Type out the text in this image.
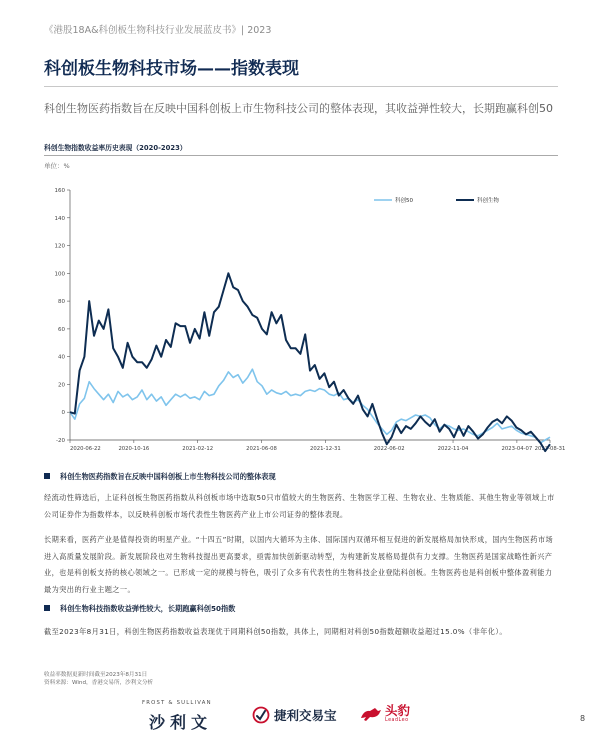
《港股18A&科创板生物科技行业发展蓝皮书》| 2023
科创板生物科技市场——指数表现
科创生物医药指数旨在反映中国科创板上市生物科技公司的整体表现，其收益弹性较大，长期跑赢科创50
科创生物指数收益率历史表现（2020-2023）
单位：%
-20
0
20
40
60
80
100
120
140
160
2020-06-22	2020-10-16	2021-02-12	2021-06-08	2021-12-31	2022-06-02	2022-11-04	2023-04-07 2023-08-31
科创50	科创生物
科创生物医药指数旨在反映中国科创板上市生物科技公司的整体表现

经流动性筛选后，上证科创板生物医药指数从科创板市场中选取50只市值较大的生物医药、生物医学工程、生物农业、生物质能、其他生物业等领域上市公司证券作为指数样本，以反映科创板市场代表性生物医药产业上市公司证券的整体表现。

长期来看，医药产业是值得投资的明星产业。“十四五”时期，以国内大循环为主体、国际国内双循环相互促进的新发展格局加快形成，国内生物医药市场进入高质量发展阶段。新发展阶段也对生物科技提出更高要求，亟需加快创新驱动转型，为构建新发展格局提供有力支撑。生物医药是国家战略性新兴产业，也是科创板支持的核心领域之一。已形成一定的规模与特色，吸引了众多有代表性的生物科技企业登陆科创板。生物医药也是科创板中整体盈利能力最为突出的行业主题之一。

科创生物科技指数收益弹性较大，长期跑赢科创50指数

截至2023年8月31日，科创生物医药指数收益表现优于同期科创50指数，具体上，同期相对科创50指数超额收益超过15.0%（非年化）。

收益率数据更新时间截至2023年8月31日
资料来源：Wind，香港交易所，沙利文分析
FROST & SULLIVAN
沙利文	捷利交易宝	头豹
LeadLeo	8
